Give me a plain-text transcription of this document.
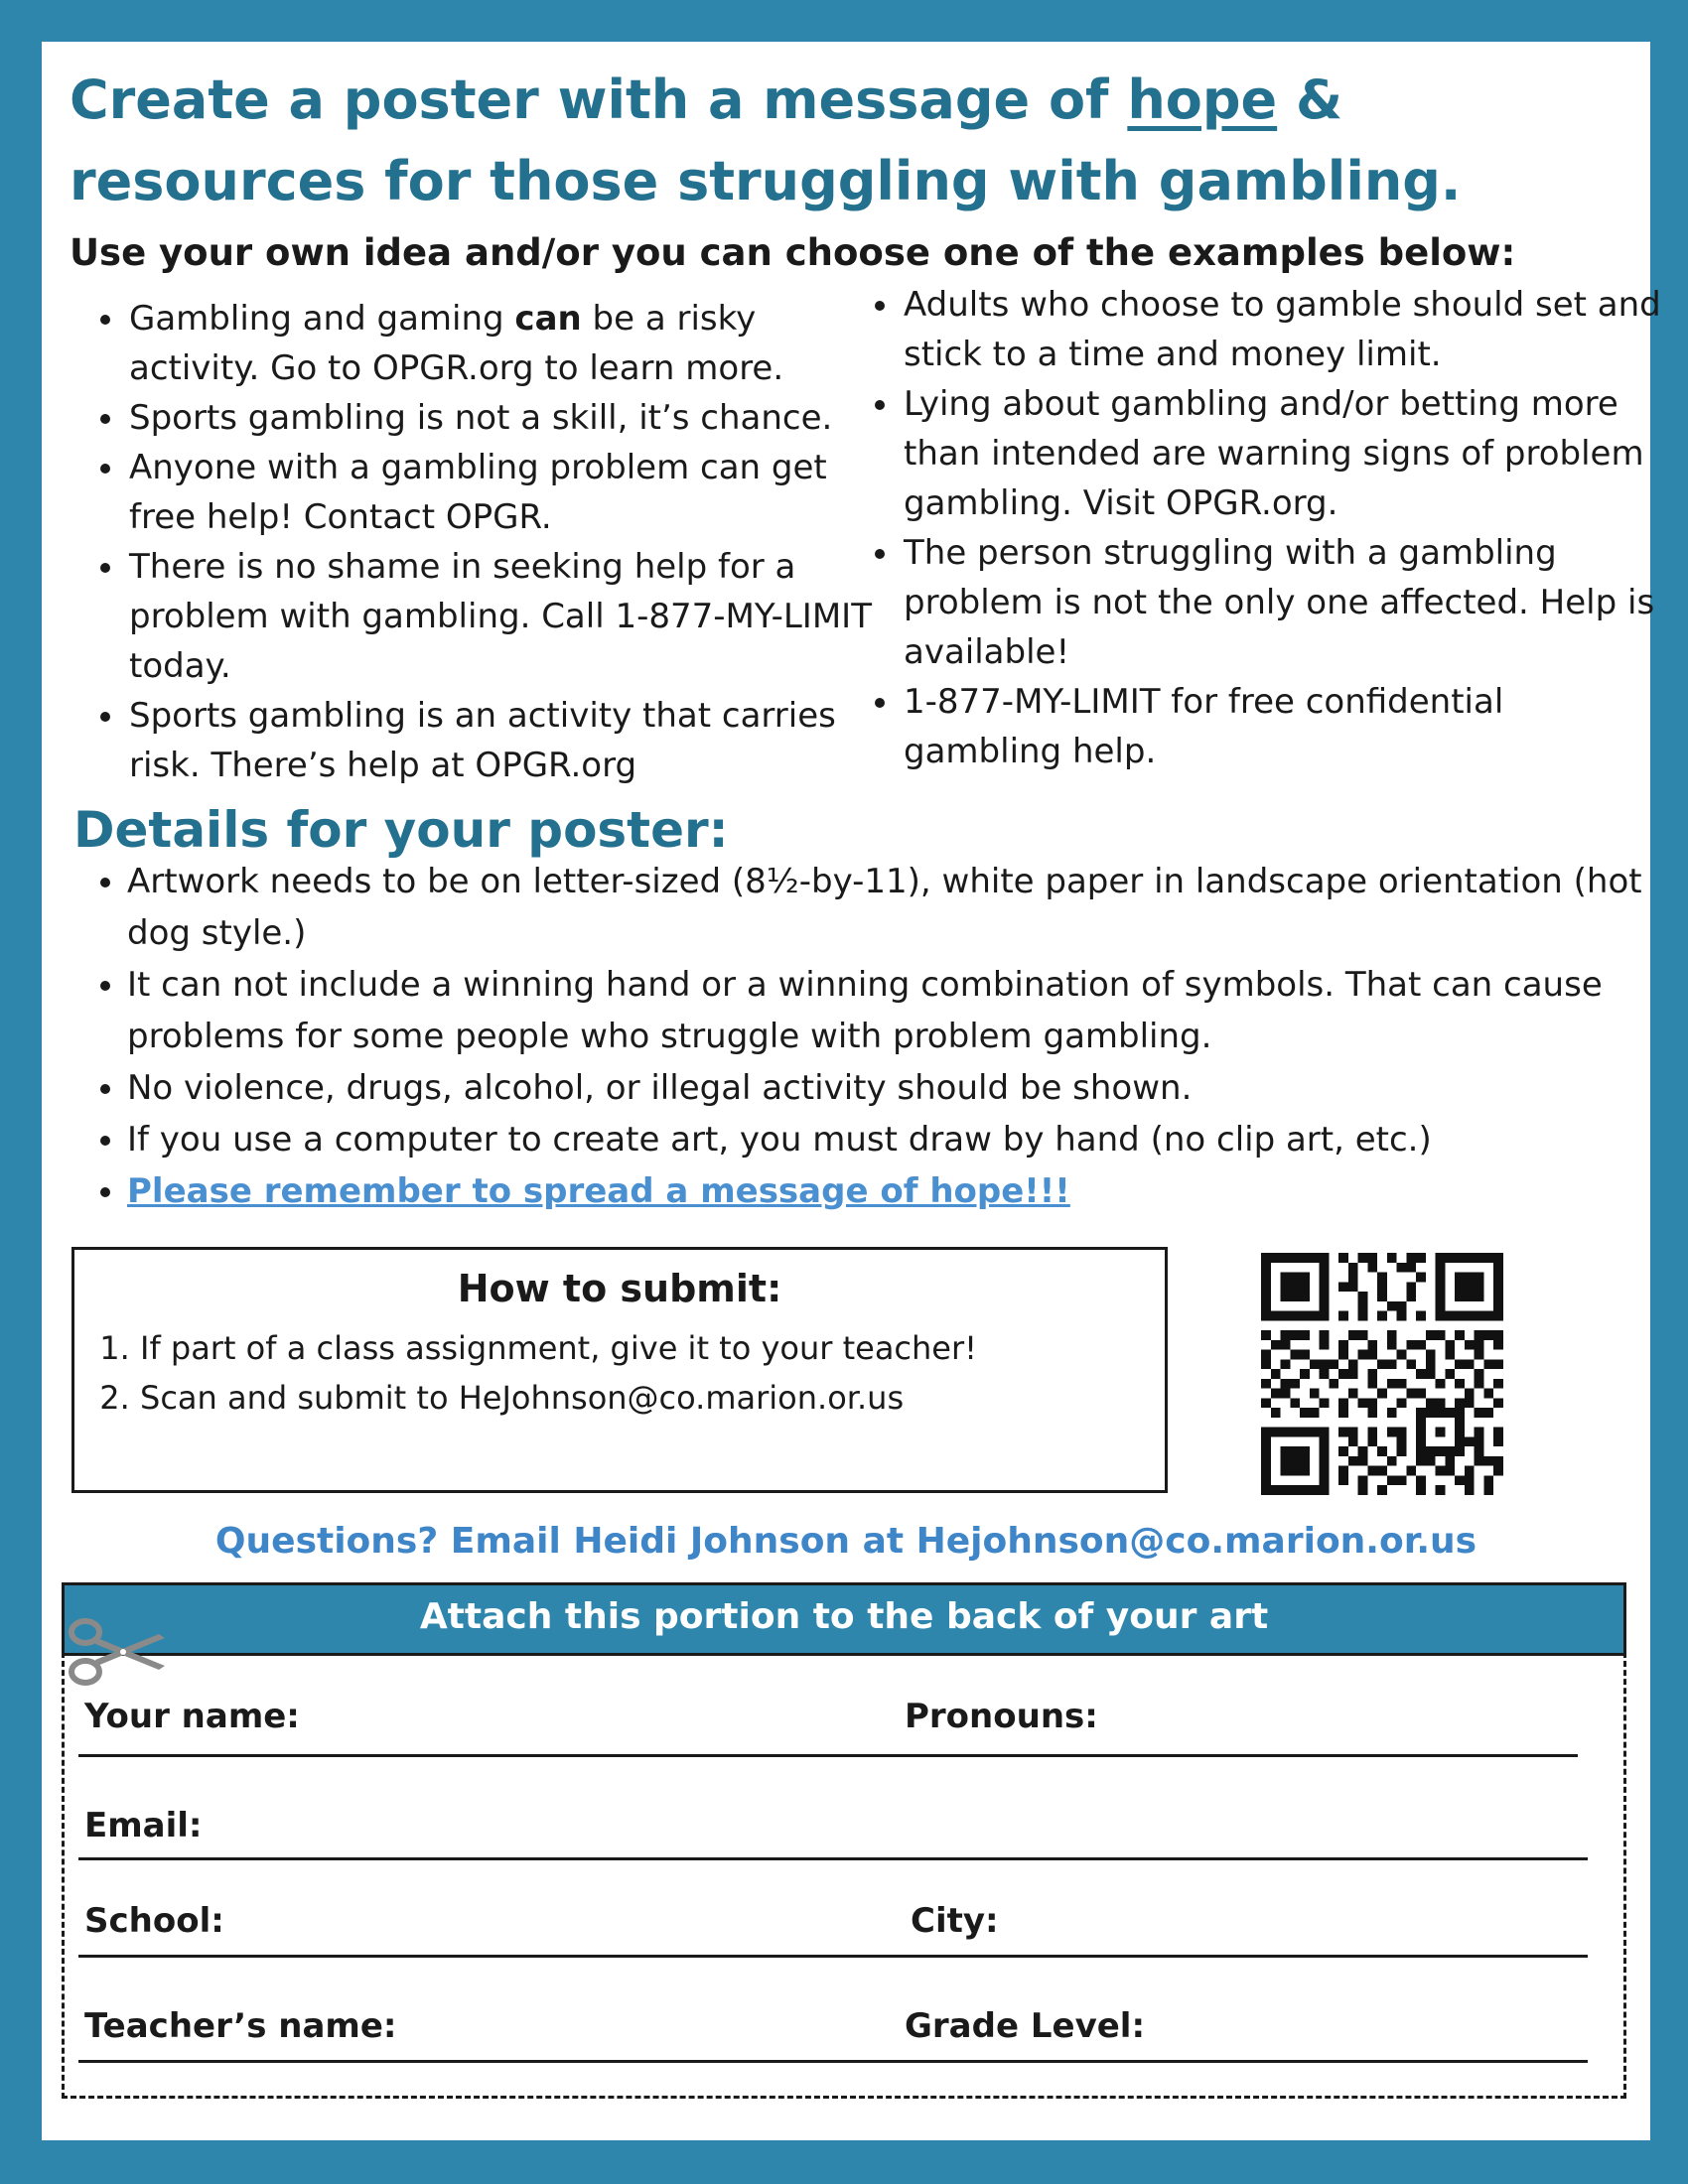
Create a poster with a message of hope & resources for those struggling with gambling.

Use your own idea and/or you can choose one of the examples below:

• Gambling and gaming can be a risky activity. Go to OPGR.org to learn more.
• Sports gambling is not a skill, it’s chance.
• Anyone with a gambling problem can get free help! Contact OPGR.
• There is no shame in seeking help for a problem with gambling. Call 1-877-MY-LIMIT today.
• Sports gambling is an activity that carries risk. There’s help at OPGR.org
• Adults who choose to gamble should set and stick to a time and money limit.
• Lying about gambling and/or betting more than intended are warning signs of problem gambling. Visit OPGR.org.
• The person struggling with a gambling problem is not the only one affected. Help is available!
• 1-877-MY-LIMIT for free confidential gambling help.
Details for your poster:
• Artwork needs to be on letter-sized (8½-by-11), white paper in landscape orientation (hot dog style.)
• It can not include a winning hand or a winning combination of symbols. That can cause problems for some people who struggle with problem gambling.
• No violence, drugs, alcohol, or illegal activity should be shown.
• If you use a computer to create art, you must draw by hand (no clip art, etc.)
• Please remember to spread a message of hope!!!
How to submit:
1. If part of a class assignment, give it to your teacher!
2. Scan and submit to HeJohnson@co.marion.or.us

Questions? Email Heidi Johnson at Hejohnson@co.marion.or.us

Your name:	Pronouns:
Email:
School:	City:
Teacher’s name:	Grade Level:
Attach this portion to the back of your art
